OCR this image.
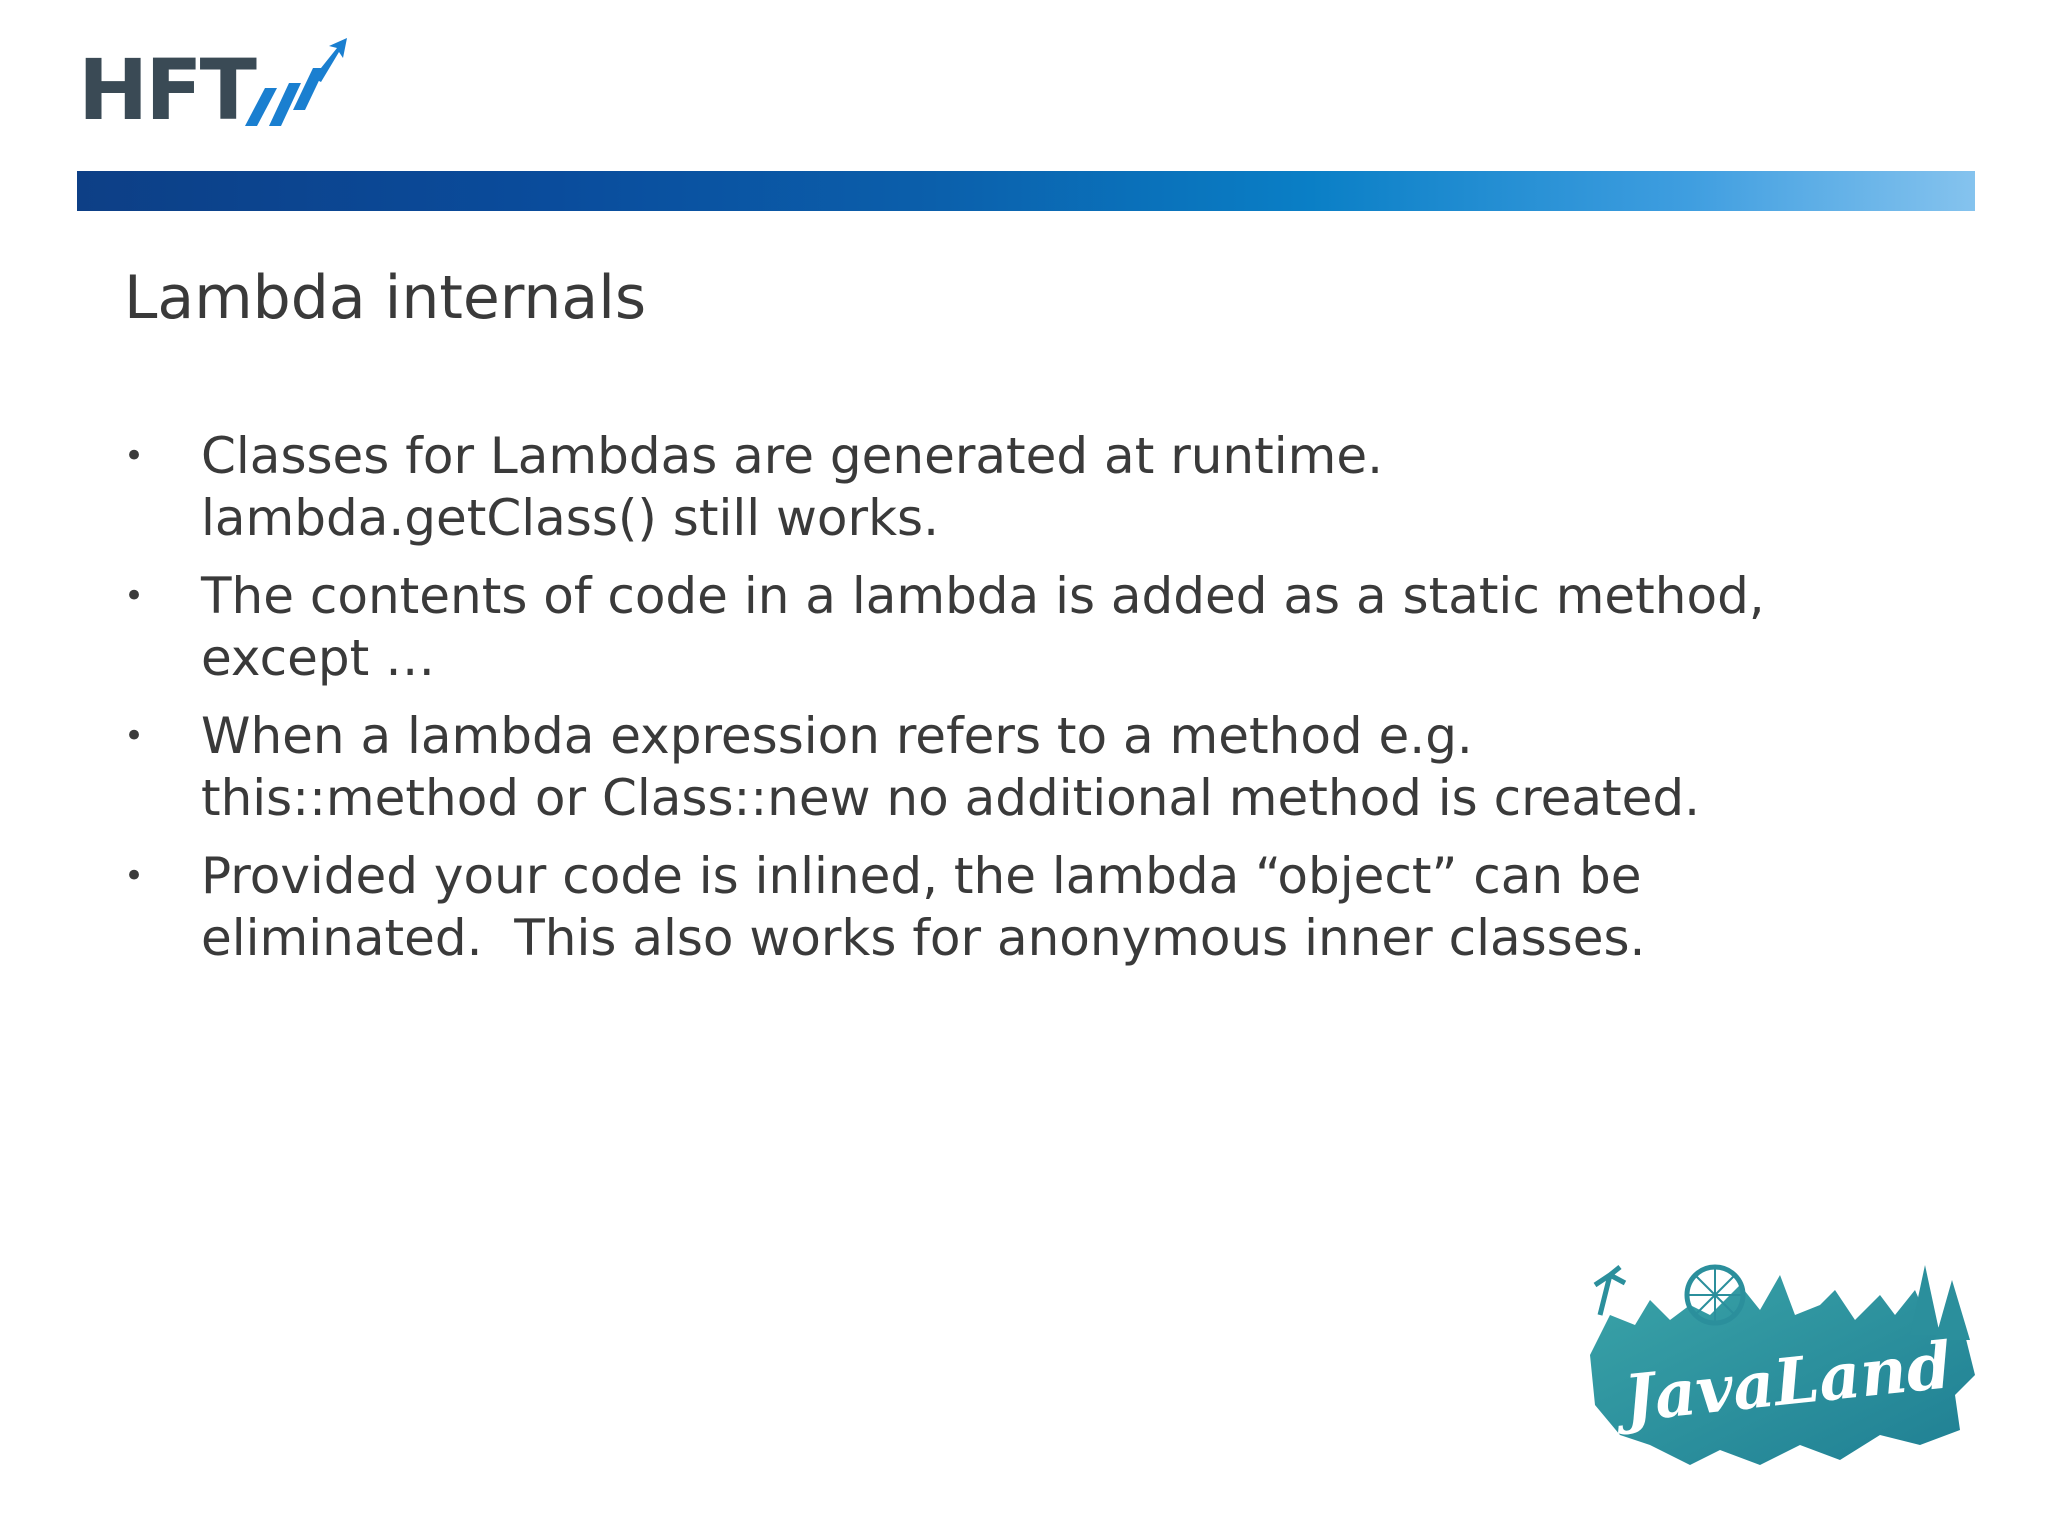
HFT
Lambda internals
• Classes for Lambdas are generated at runtime.
lambda.getClass() still works.
• The contents of code in a lambda is added as a static method,
except …
• When a lambda expression refers to a method e.g.
this::method or Class::new no additional method is created.
• Provided your code is inlined, the lambda “object” can be
eliminated.  This also works for anonymous inner classes.
JavaLand
